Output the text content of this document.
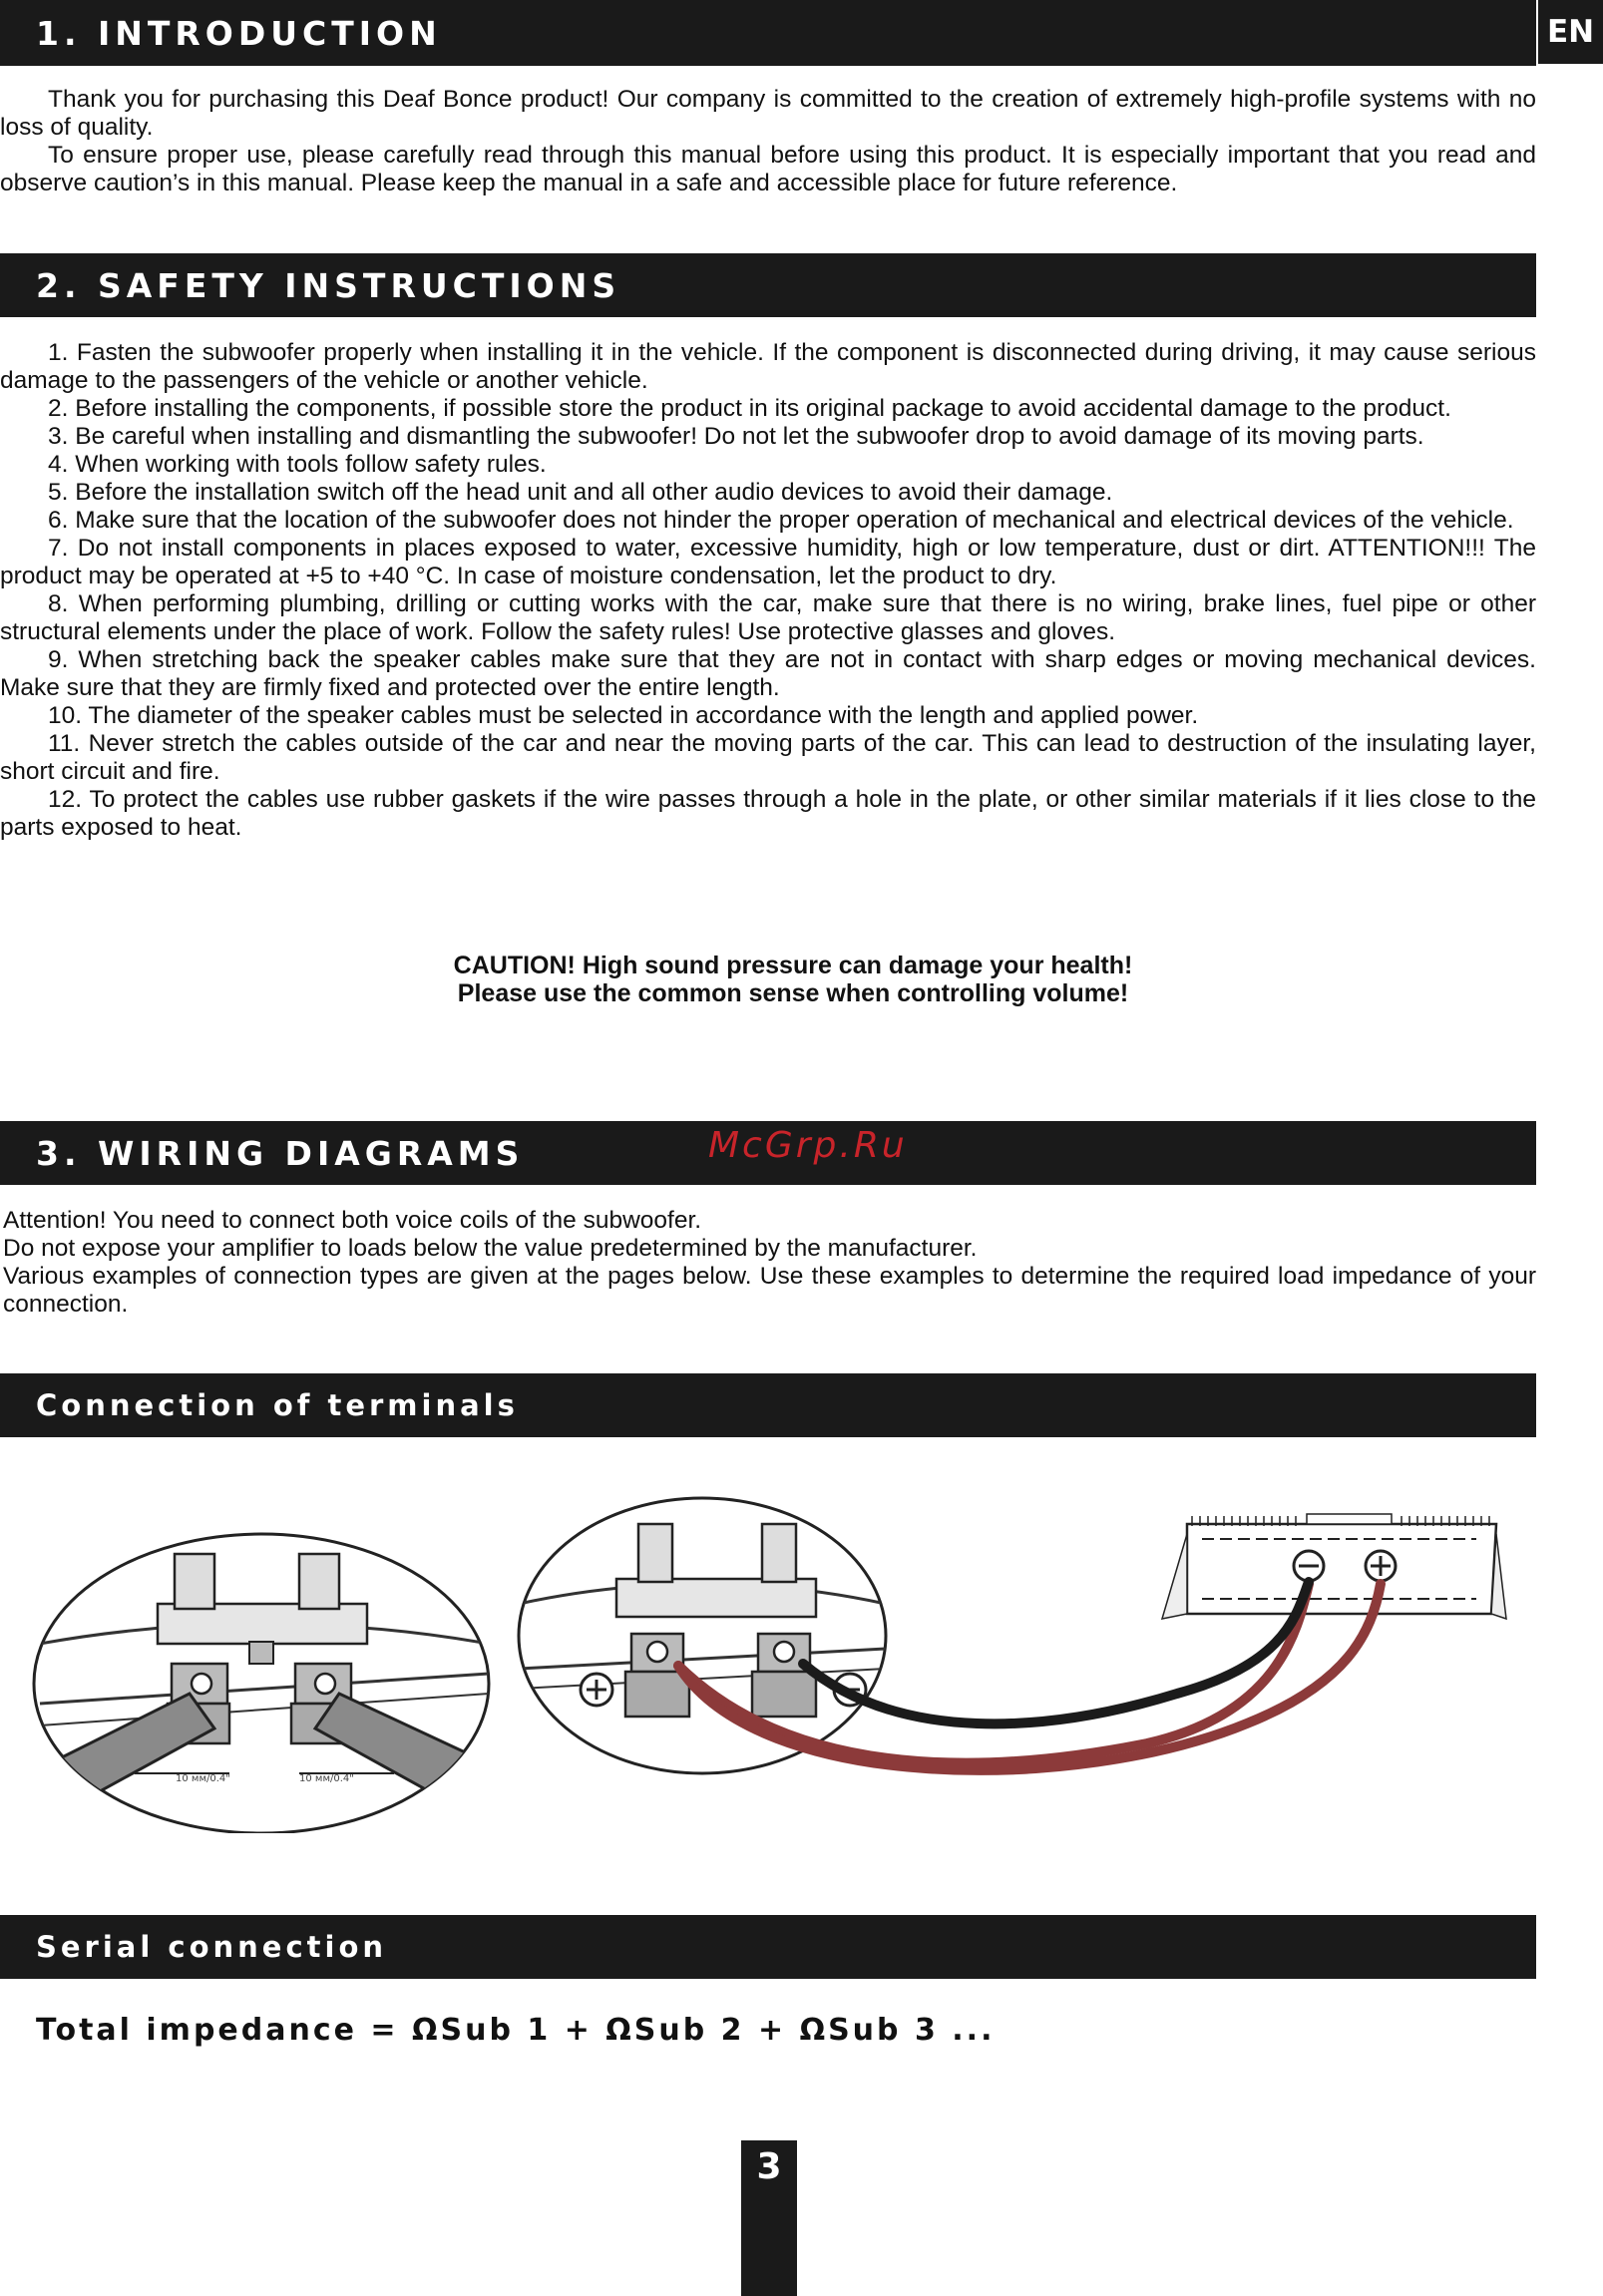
1. INTRODUCTION	EN

Thank you for purchasing this Deaf Bonce product! Our company is committed to the creation of extremely high-profile systems with no loss of quality.

To ensure proper use, please carefully read through this manual before using this product. It is especially important that you read and observe caution’s in this manual. Please keep the manual in a safe and accessible place for future reference.

2. SAFETY INSTRUCTIONS

1. Fasten the subwoofer properly when installing it in the vehicle. If the component is disconnected during driving, it may cause serious damage to the passengers of the vehicle or another vehicle.

2. Before installing the components, if possible store the product in its original package to avoid accidental damage to the product.

3. Be careful when installing and dismantling the subwoofer! Do not let the subwoofer drop to avoid damage of its moving parts.

4. When working with tools follow safety rules.

5. Before the installation switch off the head unit and all other audio devices to avoid their damage.

6. Make sure that the location of the subwoofer does not hinder the proper operation of mechanical and electrical devices of the vehicle.

7. Do not install components in places exposed to water, excessive humidity, high or low temperature, dust or dirt. ATTENTION!!! The product may be operated at +5 to +40 °C. In case of moisture condensation, let the product to dry.

8. When performing plumbing, drilling or cutting works with the car, make sure that there is no wiring, brake lines, fuel pipe or other structural elements under the place of work. Follow the safety rules! Use protective glasses and gloves.

9. When stretching back the speaker cables make sure that they are not in contact with sharp edges or moving mechanical devices. Make sure that they are firmly fixed and protected over the entire length.

10. The diameter of the speaker cables must be selected in accordance with the length and applied power.

11. Never stretch the cables outside of the car and near the moving parts of the car. This can lead to destruction of the insulating layer, short circuit and fire.

12. To protect the cables use rubber gaskets if the wire passes through a hole in the plate, or other similar materials if it lies close to the parts exposed to heat.

CAUTION! High sound pressure can damage your health!
Please use the common sense when controlling volume!
3. WIRING DIAGRAMS	McGrp.Ru

Attention! You need to connect both voice coils of the subwoofer.

Do not expose your amplifier to loads below the value predetermined by the manufacturer.

Various examples of connection types are given at the pages below. Use these examples to determine the required load impedance of your connection.

Connection of terminals
10 мм/0.4"	10 мм/0.4"
Serial connection
Total impedance = ΩSub 1 + ΩSub 2 + ΩSub 3 ...
3
